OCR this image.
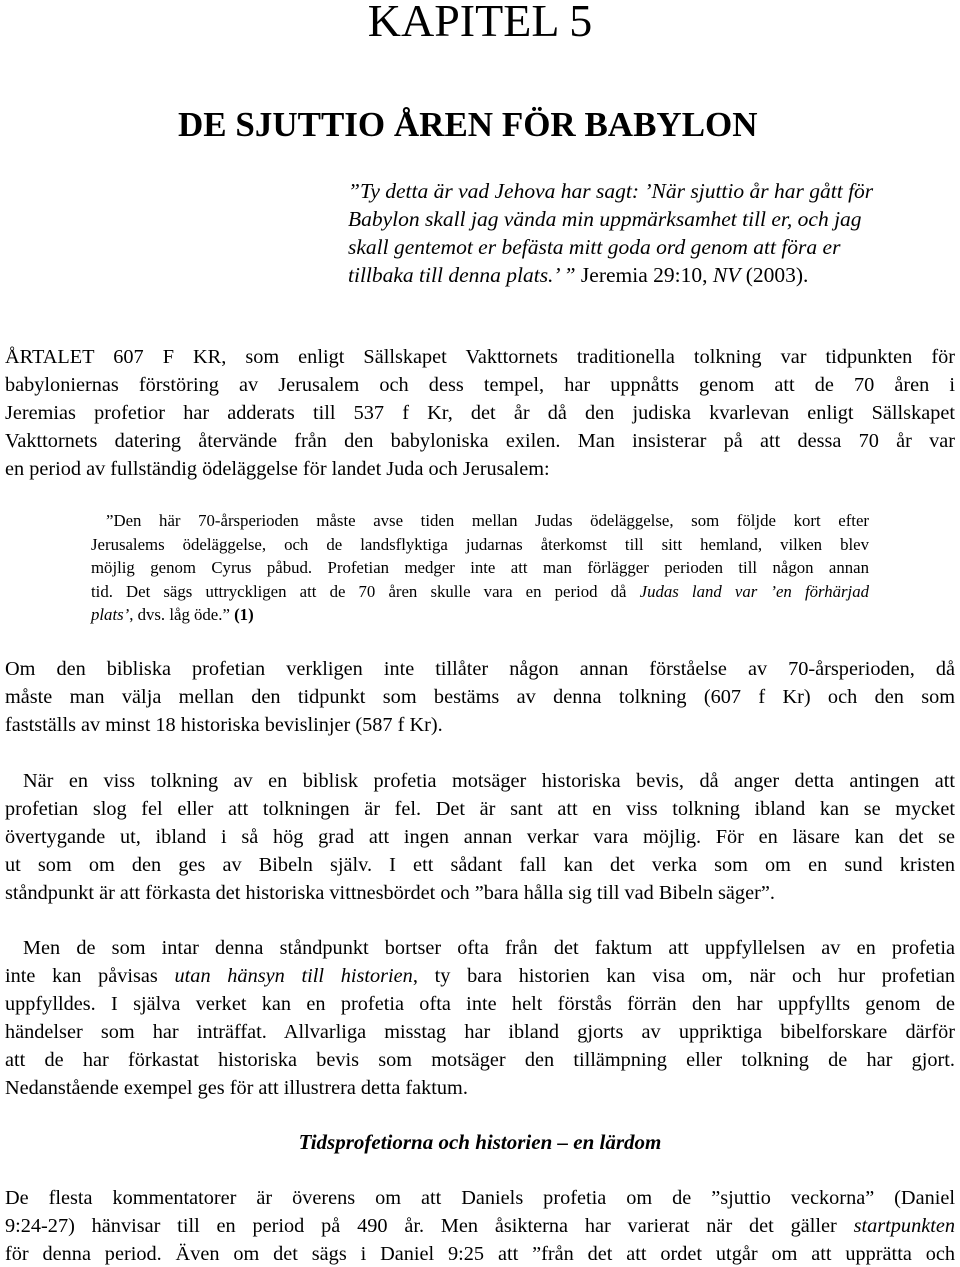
KAPITEL 5
DE SJUTTIO ÅREN FÖR BABYLON
”Ty detta är vad Jehova har sagt: ’När sjuttio år har gått för
Babylon skall jag vända min uppmärksamhet till er, och jag
skall gentemot er befästa mitt goda ord genom att föra er
tillbaka till denna plats.’ ” Jeremia 29:10, NV (2003).
ÅRTALET 607 F KR, som enligt Sällskapet Vakttornets traditionella tolkning var tidpunkten för
babyloniernas förstöring av Jerusalem och dess tempel, har uppnåtts genom att de 70 åren i
Jeremias profetior har adderats till 537 f Kr, det år då den judiska kvarlevan enligt Sällskapet
Vakttornets datering återvände från den babyloniska exilen. Man insisterar på att dessa 70 år var
en period av fullständig ödeläggelse för landet Juda och Jerusalem:
”Den här 70-årsperioden måste avse tiden mellan Judas ödeläggelse, som följde kort efter
Jerusalems ödeläggelse, och de landsflyktiga judarnas återkomst till sitt hemland, vilken blev
möjlig genom Cyrus påbud. Profetian medger inte att man förlägger perioden till någon annan
tid. Det sägs uttryckligen att de 70 åren skulle vara en period då Judas land var ’en förhärjad
plats’, dvs. låg öde.” (1)
Om den bibliska profetian verkligen inte tillåter någon annan förståelse av 70-årsperioden, då
måste man välja mellan den tidpunkt som bestäms av denna tolkning (607 f Kr) och den som
fastställs av minst 18 historiska bevislinjer (587 f Kr).
När en viss tolkning av en biblisk profetia motsäger historiska bevis, då anger detta antingen att
profetian slog fel eller att tolkningen är fel. Det är sant att en viss tolkning ibland kan se mycket
övertygande ut, ibland i så hög grad att ingen annan verkar vara möjlig. För en läsare kan det se
ut som om den ges av Bibeln själv. I ett sådant fall kan det verka som om en sund kristen
ståndpunkt är att förkasta det historiska vittnesbördet och ”bara hålla sig till vad Bibeln säger”.
Men de som intar denna ståndpunkt bortser ofta från det faktum att uppfyllelsen av en profetia
inte kan påvisas utan hänsyn till historien, ty bara historien kan visa om, när och hur profetian
uppfylldes. I själva verket kan en profetia ofta inte helt förstås förrän den har uppfyllts genom de
händelser som har inträffat. Allvarliga misstag har ibland gjorts av uppriktiga bibelforskare därför
att de har förkastat historiska bevis som motsäger den tillämpning eller tolkning de har gjort.
Nedanstående exempel ges för att illustrera detta faktum.
Tidsprofetiorna och historien – en lärdom
De flesta kommentatorer är överens om att Daniels profetia om de ”sjuttio veckorna” (Daniel
9:24-27) hänvisar till en period på 490 år. Men åsikterna har varierat när det gäller startpunkten
för denna period. Även om det sägs i Daniel 9:25 att ”från det att ordet utgår om att upprätta och
